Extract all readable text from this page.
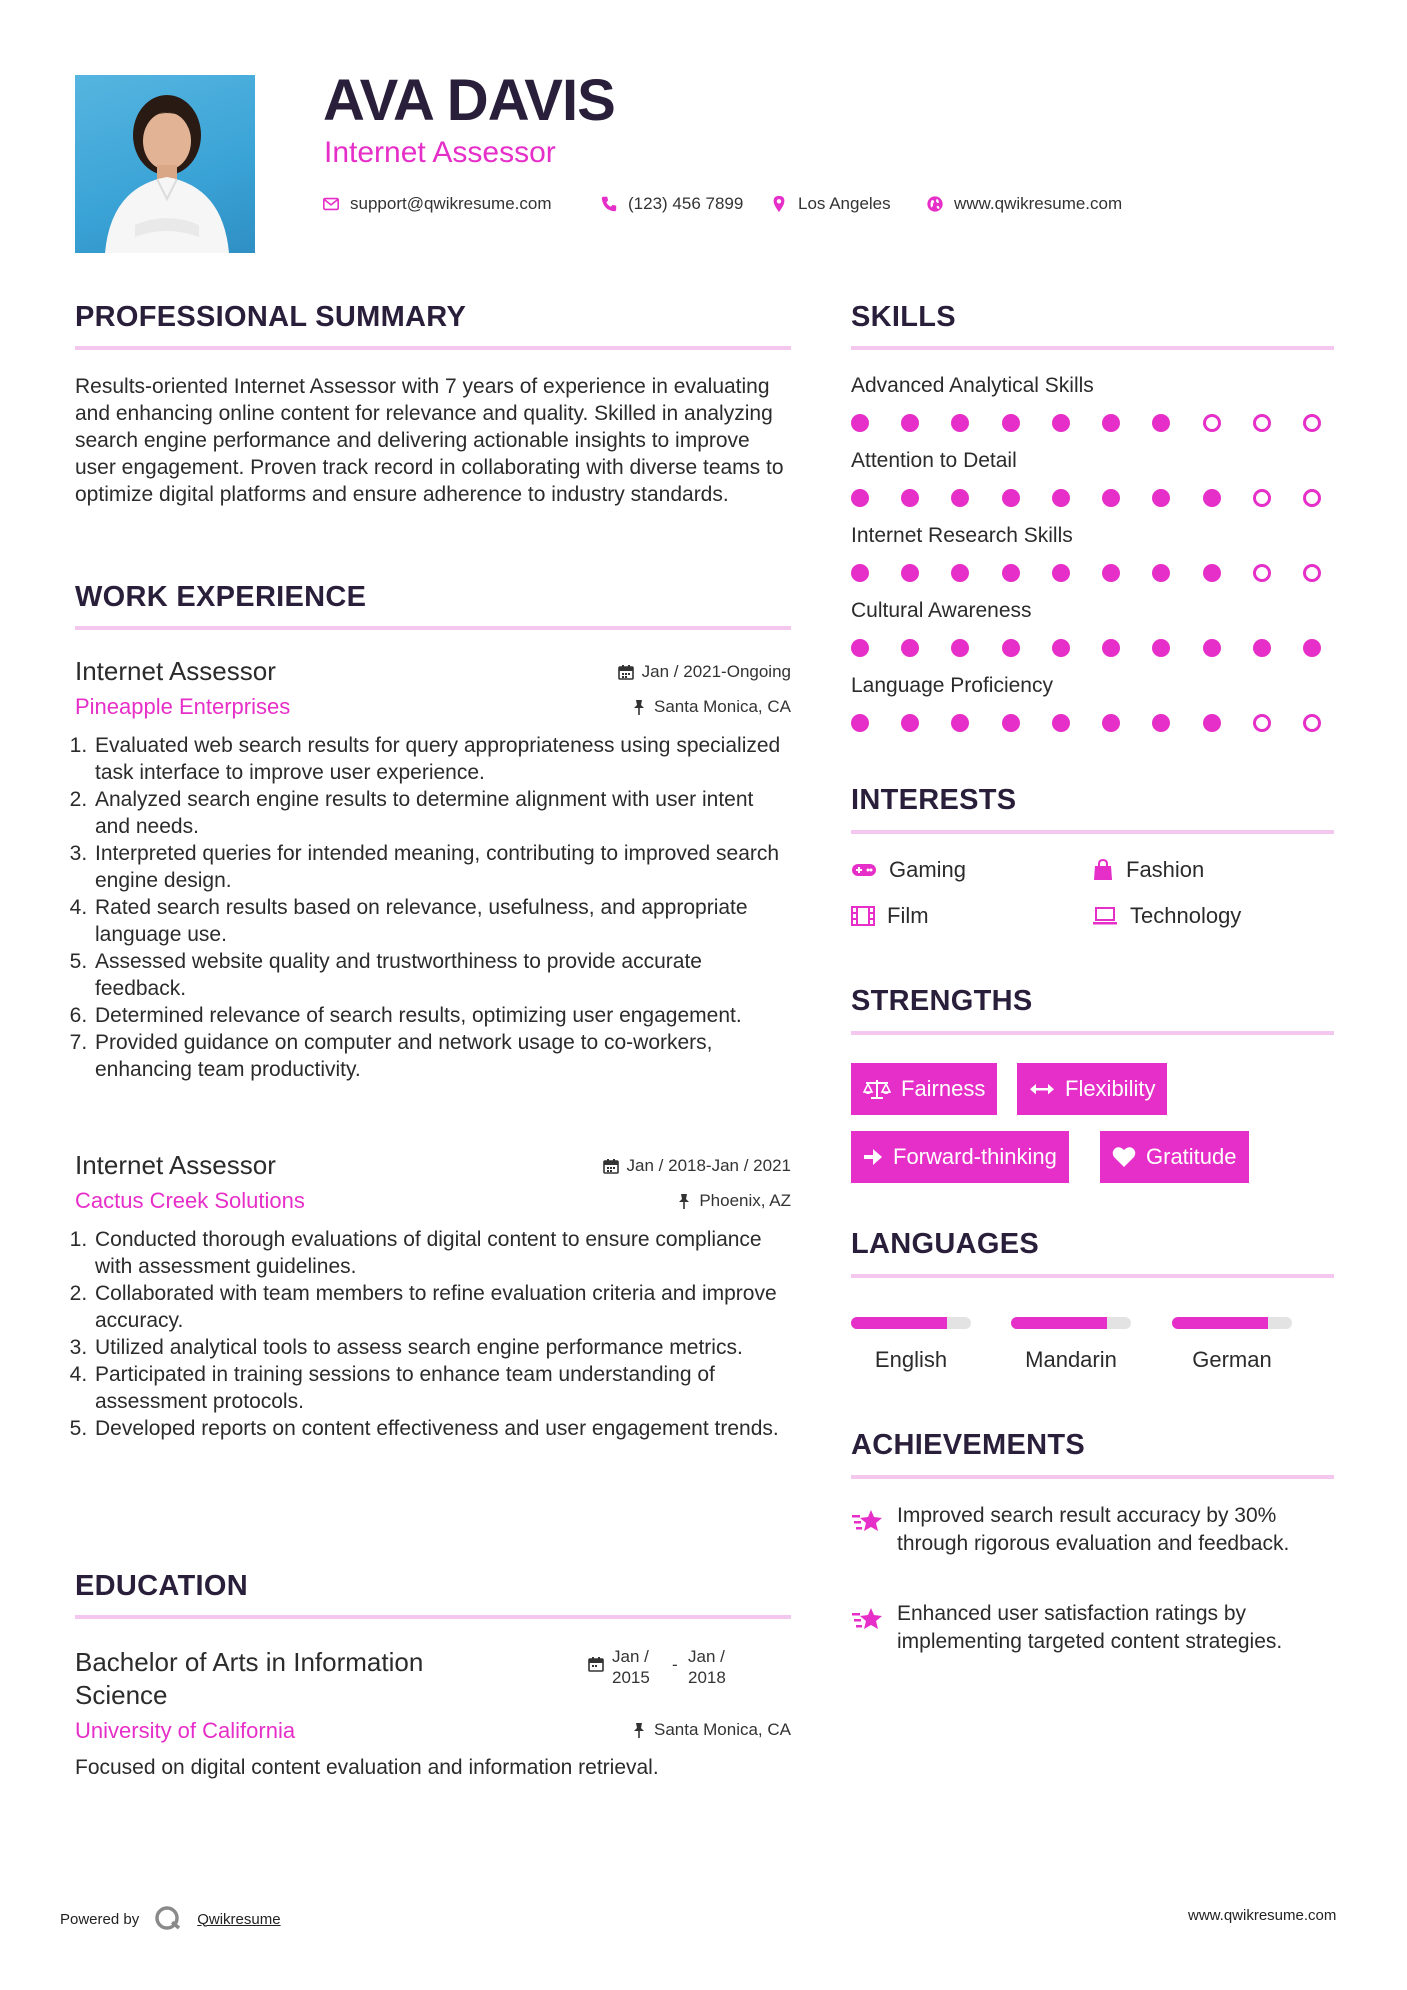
AVA DAVIS
Internet Assessor
support@qwikresume.com	(123) 456 7899	Los Angeles	www.qwikresume.com
PROFESSIONAL SUMMARY
Results-oriented Internet Assessor with 7 years of experience in evaluating and enhancing online content for relevance and quality. Skilled in analyzing search engine performance and delivering actionable insights to improve user engagement. Proven track record in collaborating with diverse teams to optimize digital platforms and ensure adherence to industry standards.
WORK EXPERIENCE
Internet Assessor	Jan / 2021-Ongoing
Pineapple Enterprises	Santa Monica, CA
1. Evaluated web search results for query appropriateness using specialized task interface to improve user experience.
2. Analyzed search engine results to determine alignment with user intent and needs.
3. Interpreted queries for intended meaning, contributing to improved search engine design.
4. Rated search results based on relevance, usefulness, and appropriate language use.
5. Assessed website quality and trustworthiness to provide accurate feedback.
6. Determined relevance of search results, optimizing user engagement.
7. Provided guidance on computer and network usage to co-workers, enhancing team productivity.
Internet Assessor	Jan / 2018-Jan / 2021
Cactus Creek Solutions	Phoenix, AZ
1. Conducted thorough evaluations of digital content to ensure compliance with assessment guidelines.
2. Collaborated with team members to refine evaluation criteria and improve accuracy.
3. Utilized analytical tools to assess search engine performance metrics.
4. Participated in training sessions to enhance team understanding of assessment protocols.
5. Developed reports on content effectiveness and user engagement trends.
EDUCATION
Bachelor of Arts in Information Science
Jan / 2015
- Jan / 2018
University of California	Santa Monica, CA
Focused on digital content evaluation and information retrieval.
SKILLS
Advanced Analytical Skills
Attention to Detail
Internet Research Skills
Cultural Awareness
Language Proficiency
INTERESTS
Gaming	Fashion
Film	Technology
STRENGTHS
Fairness	Flexibility
Forward-thinking	Gratitude
LANGUAGES
English	Mandarin	German
ACHIEVEMENTS
Improved search result accuracy by 30% through rigorous evaluation and feedback.
Enhanced user satisfaction ratings by implementing targeted content strategies.
Powered by	Qwikresume	www.qwikresume.com
